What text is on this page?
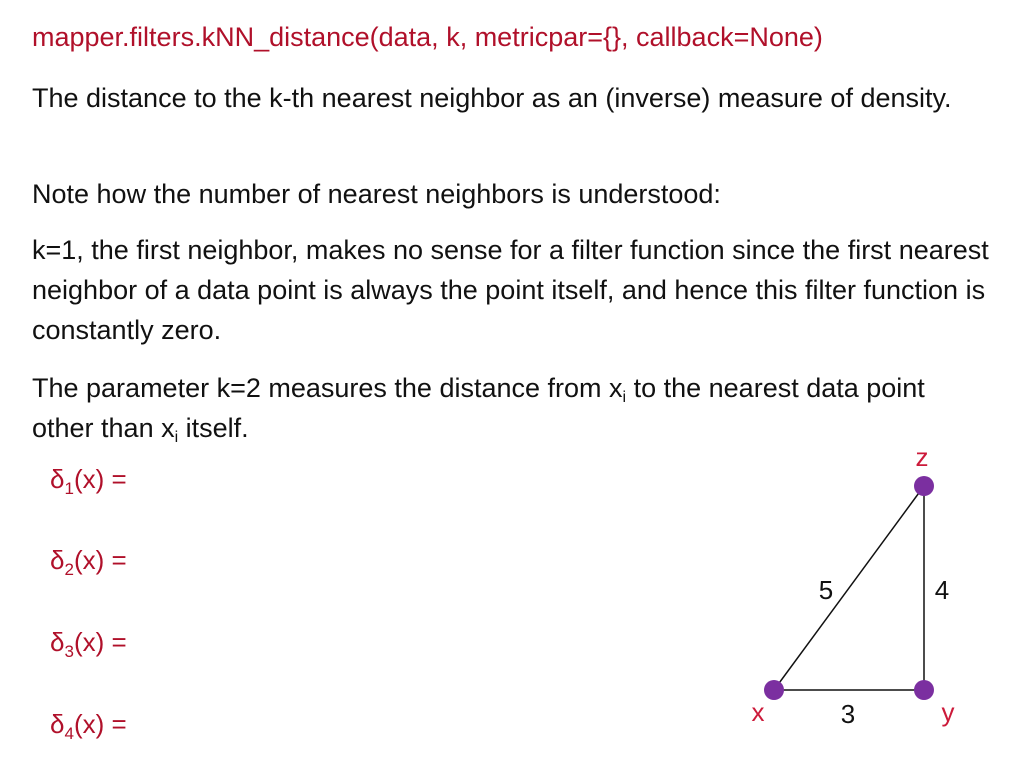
mapper.filters.kNN_distance(data, k, metricpar={}, callback=None)
The distance to the k-th nearest neighbor as an (inverse) measure of density.
Note how the number of nearest neighbors is understood:
k=1, the first neighbor, makes no sense for a filter function since the first nearest neighbor of a data point is always the point itself, and hence this filter function is constantly zero.
The parameter k=2 measures the distance from $x_i$ to the nearest data point other than $x_i$ itself.
$\delta_1(x)$ =
$\delta_2(x)$ =
$\delta_3(x)$ =
$\delta_4(x)$ =
z
x	y
5	4
3
